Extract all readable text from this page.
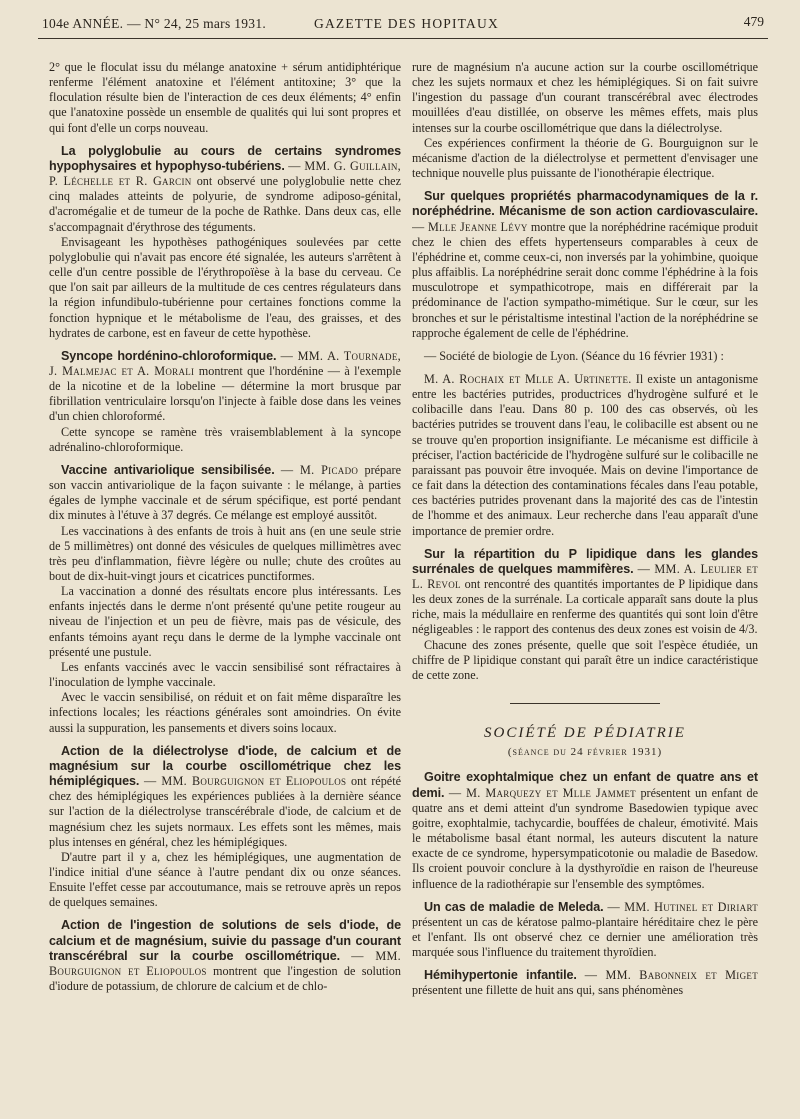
104e ANNÉE. — N° 24, 25 mars 1931.	GAZETTE DES HOPITAUX	479

2° que le floculat issu du mélange anatoxine + sérum antidiphtérique renferme l'élément anatoxine et l'élément antitoxine; 3° que la floculation résulte bien de l'interaction de ces deux éléments; 4° enfin que l'anatoxine possède un ensemble de qualités qui lui sont propres et qui font d'elle un corps nouveau.

La polyglobulie au cours de certains syndromes hypophysaires et hypophyso-tubériens. — MM. G. Guillain, P. Léchelle et R. Garcin ont observé une polyglobulie nette chez cinq malades atteints de polyurie, de syndrome adiposo-génital, d'acromégalie et de tumeur de la poche de Rathke. Dans deux cas, elle s'accompagnait d'érythrose des téguments.

Envisageant les hypothèses pathogéniques soulevées par cette polyglobulie qui n'avait pas encore été signalée, les auteurs s'arrêtent à celle d'un centre possible de l'érythropoïèse à la base du cerveau. Ce que l'on sait par ailleurs de la multitude de ces centres régulateurs dans la région infundibulo-tubérienne pour certaines fonctions comme la fonction hypnique et le métabolisme de l'eau, des graisses, et des hydrates de carbone, est en faveur de cette hypothèse.

Syncope hordénino-chloroformique. — MM. A. Tournade, J. Malmejac et A. Morali montrent que l'hordénine — à l'exemple de la nicotine et de la lobeline — détermine la mort brusque par fibrillation ventriculaire lorsqu'on l'injecte à faible dose dans les veines d'un chien chloroformé.

Cette syncope se ramène très vraisemblablement à la syncope adrénalino-chloroformique.

Vaccine antivariolique sensibilisée. — M. Picado prépare son vaccin antivariolique de la façon suivante : le mélange, à parties égales de lymphe vaccinale et de sérum spécifique, est porté pendant dix minutes à l'étuve à 37 degrés. Ce mélange est employé aussitôt.

Les vaccinations à des enfants de trois à huit ans (en une seule strie de 5 millimètres) ont donné des vésicules de quelques millimètres avec très peu d'inflammation, fièvre légère ou nulle; chute des croûtes au bout de dix-huit-vingt jours et cicatrices punctiformes.

La vaccination a donné des résultats encore plus intéressants. Les enfants injectés dans le derme n'ont présenté qu'une petite rougeur au niveau de l'injection et un peu de fièvre, mais pas de vésicule, des enfants témoins ayant reçu dans le derme de la lymphe vaccinale ont présenté une pustule.

Les enfants vaccinés avec le vaccin sensibilisé sont réfractaires à l'inoculation de lymphe vaccinale.

Avec le vaccin sensibilisé, on réduit et on fait même disparaître les infections locales; les réactions générales sont amoindries. On évite aussi la suppuration, les pansements et divers soins locaux.

Action de la diélectrolyse d'iode, de calcium et de magnésium sur la courbe oscillométrique chez les hémiplégiques. — MM. Bourguignon et Eliopoulos ont répété chez des hémiplégiques les expériences publiées à la dernière séance sur l'action de la diélectrolyse transcérébrale d'iode, de calcium et de magnésium chez les sujets normaux. Les effets sont les mêmes, mais plus intenses en général, chez les hémiplégiques.

D'autre part il y a, chez les hémiplégiques, une augmentation de l'indice initial d'une séance à l'autre pendant dix ou onze séances. Ensuite l'effet cesse par accoutumance, mais se retrouve après un repos de quelques semaines.

Action de l'ingestion de solutions de sels d'iode, de calcium et de magnésium, suivie du passage d'un courant transcérébral sur la courbe oscillométrique. — MM. Bourguignon et Eliopoulos montrent que l'ingestion de solution d'iodure de potassium, de chlorure de calcium et de chlo-

rure de magnésium n'a aucune action sur la courbe oscillométrique chez les sujets normaux et chez les hémiplégiques. Si on fait suivre l'ingestion du passage d'un courant transcérébral avec électrodes mouillées d'eau distillée, on observe les mêmes effets, mais plus intenses sur la courbe oscillométrique que dans la diélectrolyse.

Ces expériences confirment la théorie de G. Bourguignon sur le mécanisme d'action de la diélectrolyse et permettent d'envisager une technique nouvelle plus puissante de l'ionothérapie électrique.

Sur quelques propriétés pharmacodynamiques de la r. noréphédrine. Mécanisme de son action cardiovasculaire. — Mlle Jeanne Lévy montre que la noréphédrine racémique produit chez le chien des effets hypertenseurs comparables à ceux de l'éphédrine et, comme ceux-ci, non inversés par la yohimbine, quoique plus affaiblis. La noréphédrine serait donc comme l'éphédrine à la fois musculotrope et sympathicotrope, mais en différerait par la prédominance de l'action sympatho-mimétique. Sur le cœur, sur les bronches et sur le péristaltisme intestinal l'action de la noréphédrine se rapproche également de celle de l'éphédrine.

— Société de biologie de Lyon. (Séance du 16 février 1931) :

M. A. Rochaix et Mlle A. Urtinette. Il existe un antagonisme entre les bactéries putrides, productrices d'hydrogène sulfuré et le colibacille dans l'eau. Dans 80 p. 100 des cas observés, où les bactéries putrides se trouvent dans l'eau, le colibacille est absent ou ne se trouve qu'en proportion insignifiante. Le mécanisme est difficile à préciser, l'action bactéricide de l'hydrogène sulfuré sur le colibacille ne paraissant pas pouvoir être invoquée. Mais on devine l'importance de ce fait dans la détection des contaminations fécales dans l'eau potable, ces bactéries putrides provenant dans la majorité des cas de l'intestin de l'homme et des animaux. Leur recherche dans l'eau apparaît d'une importance de premier ordre.

Sur la répartition du P lipidique dans les glandes surrénales de quelques mammifères. — MM. A. Leulier et L. Revol ont rencontré des quantités importantes de P lipidique dans les deux zones de la surrénale. La corticale apparaît sans doute la plus riche, mais la médullaire en renferme des quantités qui sont loin d'être négligeables : le rapport des contenus des deux zones est voisin de 4/3.

Chacune des zones présente, quelle que soit l'espèce étudiée, un chiffre de P lipidique constant qui paraît être un indice caractéristique de cette zone.

SOCIÉTÉ DE PÉDIATRIE
(séance du 24 février 1931)

Goitre exophtalmique chez un enfant de quatre ans et demi. — M. Marquezy et Mlle Jammet présentent un enfant de quatre ans et demi atteint d'un syndrome Basedowien typique avec goitre, exophtalmie, tachycardie, bouffées de chaleur, émotivité. Mais le métabolisme basal étant normal, les auteurs discutent la nature exacte de ce syndrome, hypersympaticotonie ou maladie de Basedow. Ils croient pouvoir conclure à la dysthyroïdie en raison de l'heureuse influence de la radiothérapie sur l'ensemble des symptômes.

Un cas de maladie de Meleda. — MM. Hutinel et Diriart présentent un cas de kératose palmo-plantaire héréditaire chez le père et l'enfant. Ils ont observé chez ce dernier une amélioration très marquée sous l'influence du traitement thyroïdien.

Hémihypertonie infantile. — MM. Babonneix et Miget présentent une fillette de huit ans qui, sans phénomènes
